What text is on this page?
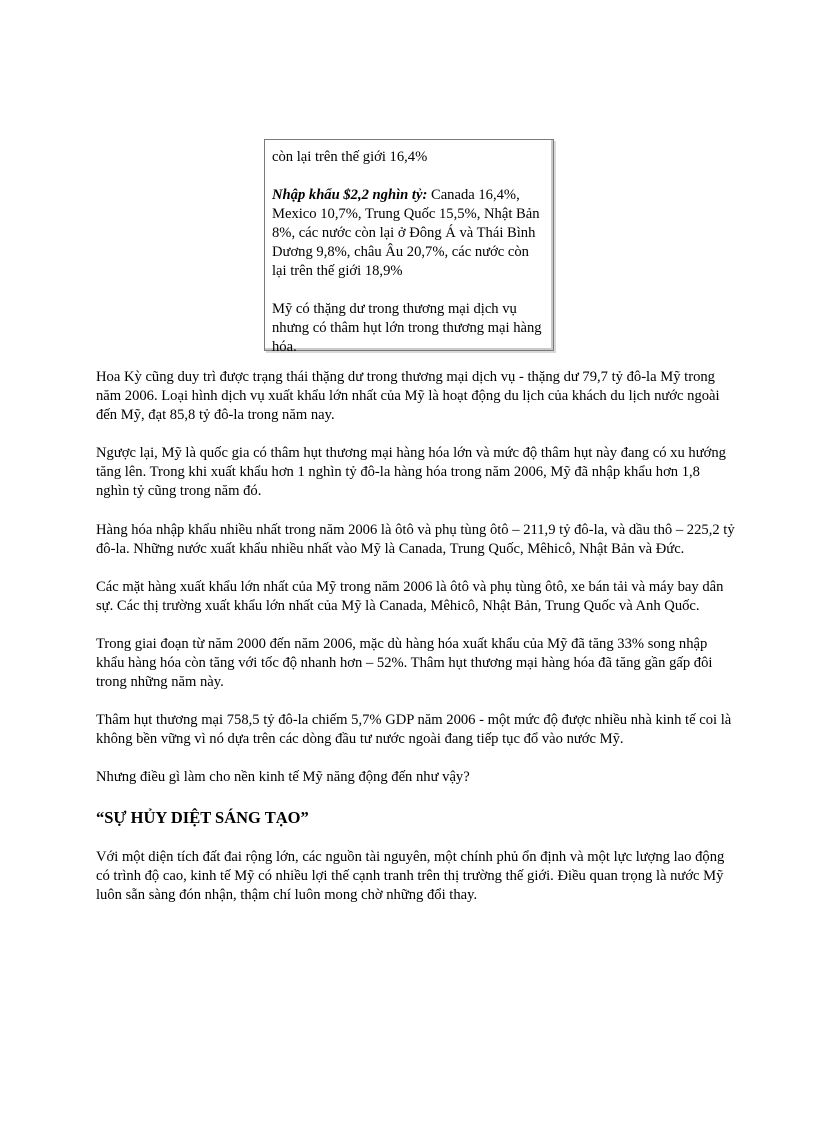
còn lại trên thế giới 16,4%

Nhập khẩu $2,2 nghìn tỷ: Canada 16,4%, Mexico 10,7%, Trung Quốc 15,5%, Nhật Bản 8%, các nước còn lại ở Đông Á và Thái Bình Dương 9,8%, châu Âu 20,7%, các nước còn lại trên thế giới 18,9%

Mỹ có thặng dư trong thương mại dịch vụ nhưng có thâm hụt lớn trong thương mại hàng hóa.

Hoa Kỳ cũng duy trì được trạng thái thặng dư trong thương mại dịch vụ - thặng dư 79,7 tỷ đô-la Mỹ trong năm 2006. Loại hình dịch vụ xuất khẩu lớn nhất của Mỹ là hoạt động du lịch của khách du lịch nước ngoài đến Mỹ, đạt 85,8 tỷ đô-la trong năm nay.

Ngược lại, Mỹ là quốc gia có thâm hụt thương mại hàng hóa lớn và mức độ thâm hụt này đang có xu hướng tăng lên. Trong khi xuất khẩu hơn 1 nghìn tỷ đô-la hàng hóa trong năm 2006, Mỹ đã nhập khẩu hơn 1,8 nghìn tỷ cũng trong năm đó.

Hàng hóa nhập khẩu nhiều nhất trong năm 2006 là ôtô và phụ tùng ôtô – 211,9 tỷ đô-la, và dầu thô – 225,2 tỷ đô-la. Những nước xuất khẩu nhiều nhất vào Mỹ là Canada, Trung Quốc, Mêhicô, Nhật Bản và Đức.

Các mặt hàng xuất khẩu lớn nhất của Mỹ trong năm 2006 là ôtô và phụ tùng ôtô, xe bán tải và máy bay dân sự. Các thị trường xuất khẩu lớn nhất của Mỹ là Canada, Mêhicô, Nhật Bản, Trung Quốc và Anh Quốc.

Trong giai đoạn từ năm 2000 đến năm 2006, mặc dù hàng hóa xuất khẩu của Mỹ đã tăng 33% song nhập khẩu hàng hóa còn tăng với tốc độ nhanh hơn – 52%. Thâm hụt thương mại hàng hóa đã tăng gần gấp đôi trong những năm này.

Thâm hụt thương mại 758,5 tỷ đô-la chiếm 5,7% GDP năm 2006 - một mức độ được nhiều nhà kinh tế coi là không bền vững vì nó dựa trên các dòng đầu tư nước ngoài đang tiếp tục đổ vào nước Mỹ.

Nhưng điều gì làm cho nền kinh tế Mỹ năng động đến như vậy?

“SỰ HỦY DIỆT SÁNG TẠO”

Với một diện tích đất đai rộng lớn, các nguồn tài nguyên, một chính phủ ổn định và một lực lượng lao động có trình độ cao, kinh tế Mỹ có nhiều lợi thế cạnh tranh trên thị trường thế giới. Điều quan trọng là nước Mỹ luôn sẵn sàng đón nhận, thậm chí luôn mong chờ những đổi thay.
